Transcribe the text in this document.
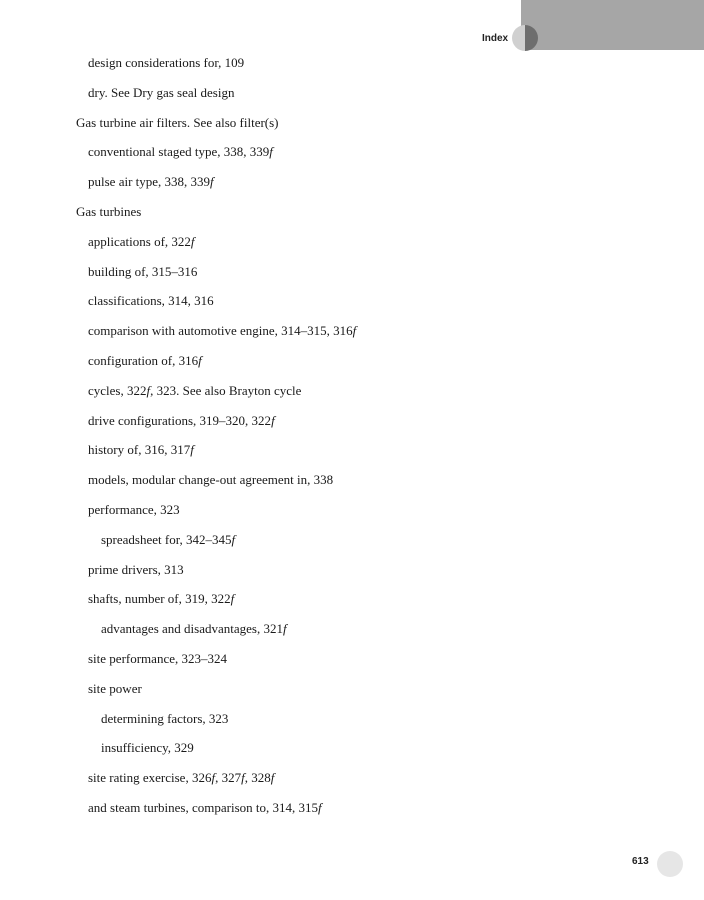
Index
design considerations for, 109
dry. See Dry gas seal design
Gas turbine air filters. See also filter(s)
conventional staged type, 338, 339f
pulse air type, 338, 339f
Gas turbines
applications of, 322f
building of, 315–316
classifications, 314, 316
comparison with automotive engine, 314–315, 316f
configuration of, 316f
cycles, 322f, 323. See also Brayton cycle
drive configurations, 319–320, 322f
history of, 316, 317f
models, modular change-out agreement in, 338
performance, 323
spreadsheet for, 342–345f
prime drivers, 313
shafts, number of, 319, 322f
advantages and disadvantages, 321f
site performance, 323–324
site power
determining factors, 323
insufficiency, 329
site rating exercise, 326f, 327f, 328f
and steam turbines, comparison to, 314, 315f
613
